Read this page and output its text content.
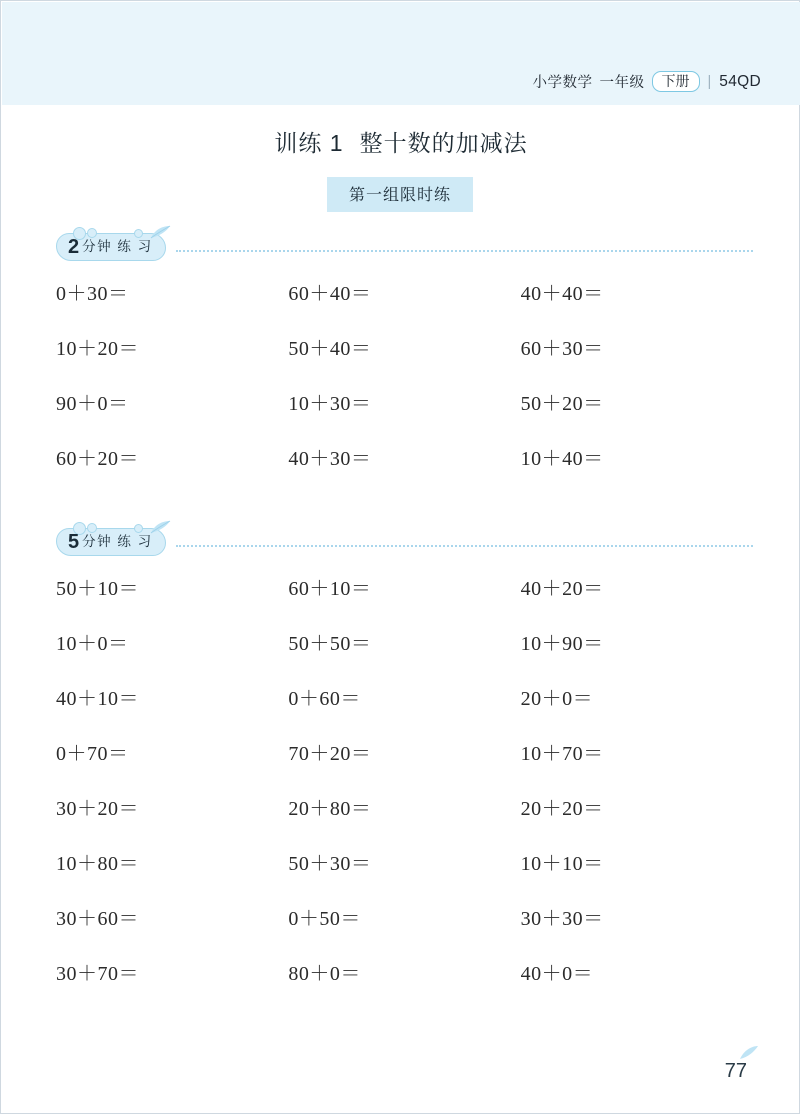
小学数学 一年级	下册	| 54QD
训练 1 整十数的加减法
第一组限时练
2 分钟 练 习
0＋30＝	60＋40＝	40＋40＝
10＋20＝	50＋40＝	60＋30＝
90＋0＝	10＋30＝	50＋20＝
60＋20＝	40＋30＝	10＋40＝
5 分钟 练 习
50＋10＝	60＋10＝	40＋20＝
10＋0＝	50＋50＝	10＋90＝
40＋10＝	0＋60＝	20＋0＝
0＋70＝	70＋20＝	10＋70＝
30＋20＝	20＋80＝	20＋20＝
10＋80＝	50＋30＝	10＋10＝
30＋60＝	0＋50＝	30＋30＝
30＋70＝	80＋0＝	40＋0＝
77
